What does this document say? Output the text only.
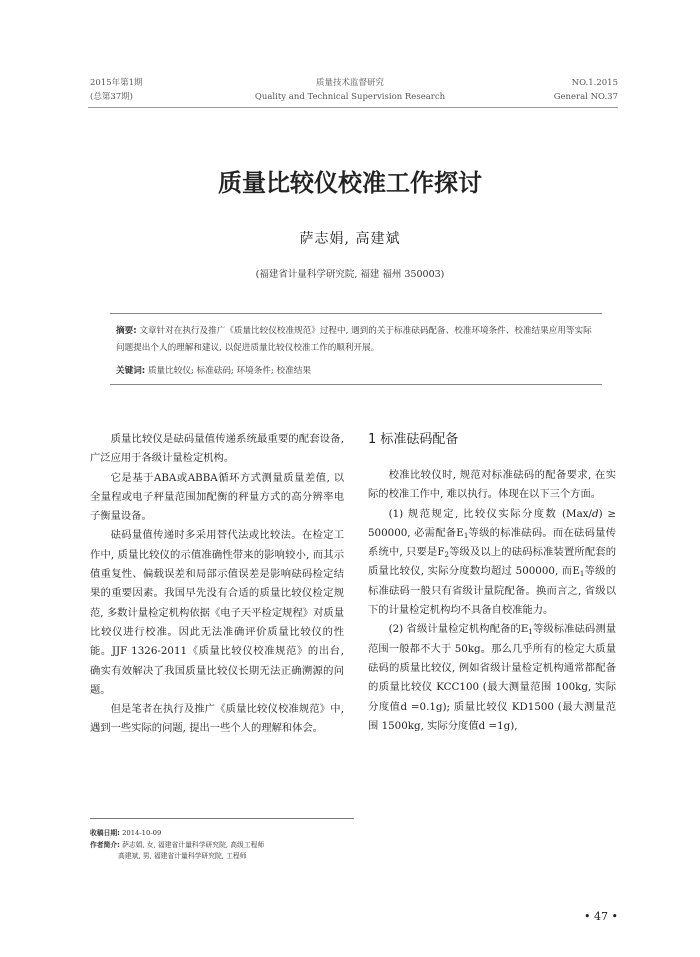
2015年第1期
(总第37期)
质量技术监督研究
Quality and Technical Supervision Research
NO.1.2015
General NO.37
质量比较仪校准工作探讨
萨志娟, 高建斌
(福建省计量科学研究院, 福建 福州 350003)
摘要: 文章针对在执行及推广《质量比较仪校准规范》过程中, 遇到的关于标准砝码配备、校准环境条件、校准结果应用等实际问题提出个人的理解和建议, 以促进质量比较仪校准工作的顺利开展。
关键词: 质量比较仪; 标准砝码; 环境条件; 校准结果

质量比较仪是砝码量值传递系统最重要的配套设备, 广泛应用于各级计量检定机构。

它是基于ABA或ABBA循环方式测量质量差值, 以全量程或电子秤量范围加配衡的秤量方式的高分辨率电子衡量设备。

砝码量值传递时多采用替代法或比较法。在检定工作中, 质量比较仪的示值准确性带来的影响较小, 而其示值重复性、偏载误差和局部示值误差是影响砝码检定结果的重要因素。我国早先没有合适的质量比较仪检定规范, 多数计量检定机构依据《电子天平检定规程》对质量比较仪进行校准。因此无法准确评价质量比较仪的性能。JJF 1326-2011《质量比较仪校准规范》的出台, 确实有效解决了我国质量比较仪长期无法正确溯源的问题。

但是笔者在执行及推广《质量比较仪校准规范》中, 遇到一些实际的问题, 提出一些个人的理解和体会。

1 标准砝码配备

校准比较仪时, 规范对标准砝码的配备要求, 在实际的校准工作中, 难以执行。体现在以下三个方面。

(1) 规范规定, 比较仪实际分度数 (Max/d) ≥ 500000, 必需配备$E_1$等级的标准砝码。而在砝码量传系统中, 只要是$F_2$等级及以上的砝码标准装置所配套的质量比较仪, 实际分度数均超过 500000, 而$E_1$等级的标准砝码一般只有省级计量院配备。换而言之, 省级以下的计量检定机构均不具备自校准能力。

(2) 省级计量检定机构配备的$E_1$等级标准砝码测量范围一般都不大于 50kg。那么几乎所有的检定大质量砝码的质量比较仪, 例如省级计量检定机构通常都配备的质量比较仪 KCC100 (最大测量范围 100kg, 实际分度值d =0.1g); 质量比较仪 KD1500 (最大测量范围 1500kg, 实际分度值d =1g),

收稿日期: 2014-10-09
作者简介: 萨志娟, 女, 福建省计量科学研究院, 高级工程师
高建斌, 男, 福建省计量科学研究院, 工程师
• 47 •
